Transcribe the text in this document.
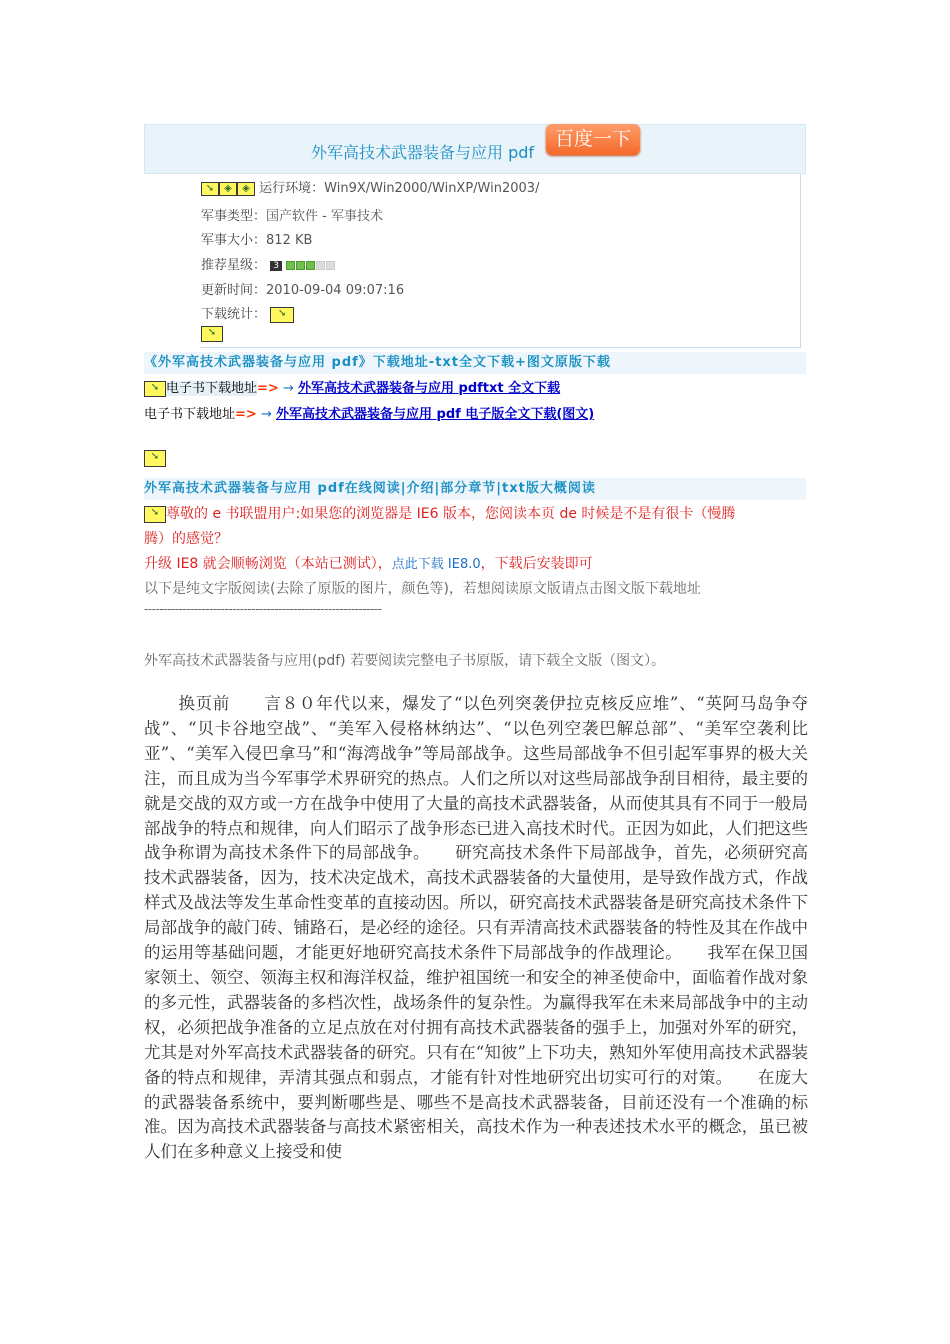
外军高技术武器装备与应用 pdf
百度一下
➘ ◈ ◈ 运行环境：Win9X/Win2000/WinXP/Win2003/
军事类型：国产软件 - 军事技术
军事大小：812 KB
推荐星级： 3
更新时间：2010-09-04 09:07:16
下载统计： ➘
➘
《外军高技术武器装备与应用 pdf》下载地址-txt全文下载+图文原版下载
➘ 电子书下载地址=> → 外军高技术武器装备与应用 pdftxt 全文下载
电子书下载地址=> → 外军高技术武器装备与应用 pdf 电子版全文下载(图文)
➘
外军高技术武器装备与应用 pdf在线阅读|介绍|部分章节|txt版大概阅读
➘ 尊敬的 e 书联盟用户:如果您的浏览器是 IE6 版本，您阅读本页 de 时候是不是有很卡（慢腾
腾）的感觉？
升级 IE8 就会顺畅浏览（本站已测试），点此下载 IE8.0，下载后安装即可
以下是纯文字版阅读(去除了原版的图片，颜色等)，若想阅读原文版请点击图文版下载地址
--------------------------------------------------------------
外军高技术武器装备与应用(pdf) 若要阅读完整电子书原版，请下载全文版（图文）。
　　换页前　　言８０年代以来，爆发了“以色列突袭伊拉克核反应堆”、“英阿马岛争夺战”、“贝卡谷地空战”、“美军入侵格林纳达”、“以色列空袭巴解总部”、“美军空袭利比亚”、“美军入侵巴拿马”和“海湾战争”等局部战争。这些局部战争不但引起军事界的极大关注，而且成为当今军事学术界研究的热点。人们之所以对这些局部战争刮目相待，最主要的就是交战的双方或一方在战争中使用了大量的高技术武器装备，从而使其具有不同于一般局部战争的特点和规律，向人们昭示了战争形态已进入高技术时代。正因为如此，人们把这些战争称谓为高技术条件下的局部战争。　　研究高技术条件下局部战争，首先，必须研究高技术武器装备，因为，技术决定战术，高技术武器装备的大量使用，是导致作战方式，作战样式及战法等发生革命性变革的直接动因。所以，研究高技术武器装备是研究高技术条件下局部战争的敲门砖、铺路石，是必经的途径。只有弄清高技术武器装备的特性及其在作战中的运用等基础问题，才能更好地研究高技术条件下局部战争的作战理论。　　我军在保卫国家领土、领空、领海主权和海洋权益，维护祖国统一和安全的神圣使命中，面临着作战对象的多元性，武器装备的多档次性，战场条件的复杂性。为赢得我军在未来局部战争中的主动权，必须把战争准备的立足点放在对付拥有高技术武器装备的强手上，加强对外军的研究，尤其是对外军高技术武器装备的研究。只有在“知彼”上下功夫，熟知外军使用高技术武器装备的特点和规律，弄清其强点和弱点，才能有针对性地研究出切实可行的对策。　　在庞大的武器装备系统中，要判断哪些是、哪些不是高技术武器装备，目前还没有一个准确的标准。因为高技术武器装备与高技术紧密相关，高技术作为一种表述技术水平的概念，虽已被人们在多种意义上接受和使
